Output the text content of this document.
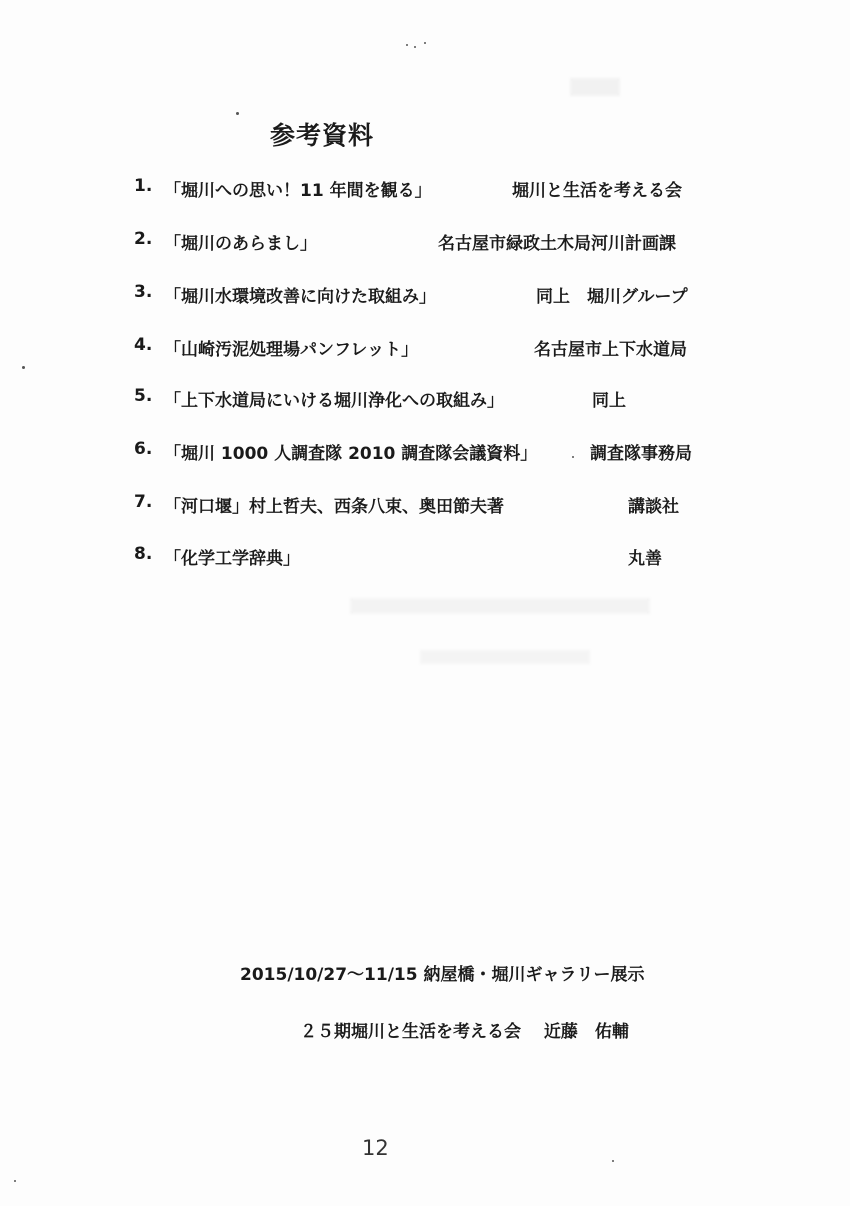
参考資料
1. 「堀川への思い！11 年間を観る」	堀川と生活を考える会
2. 「堀川のあらまし」	名古屋市緑政土木局河川計画課
3. 「堀川水環境改善に向けた取組み」	同上　堀川グループ
4. 「山崎汚泥処理場パンフレット」	名古屋市上下水道局
5. 「上下水道局にいける堀川浄化への取組み」	同上
6. 「堀川 1000 人調査隊 2010 調査隊会議資料」	調査隊事務局
7. 「河口堰」村上哲夫、西条八束、奥田節夫著	講談社
8. 「化学工学辞典」	丸善
2015/10/27～11/15 納屋橋・堀川ギャラリー展示
２５期堀川と生活を考える会　 近藤　佑輔
12
